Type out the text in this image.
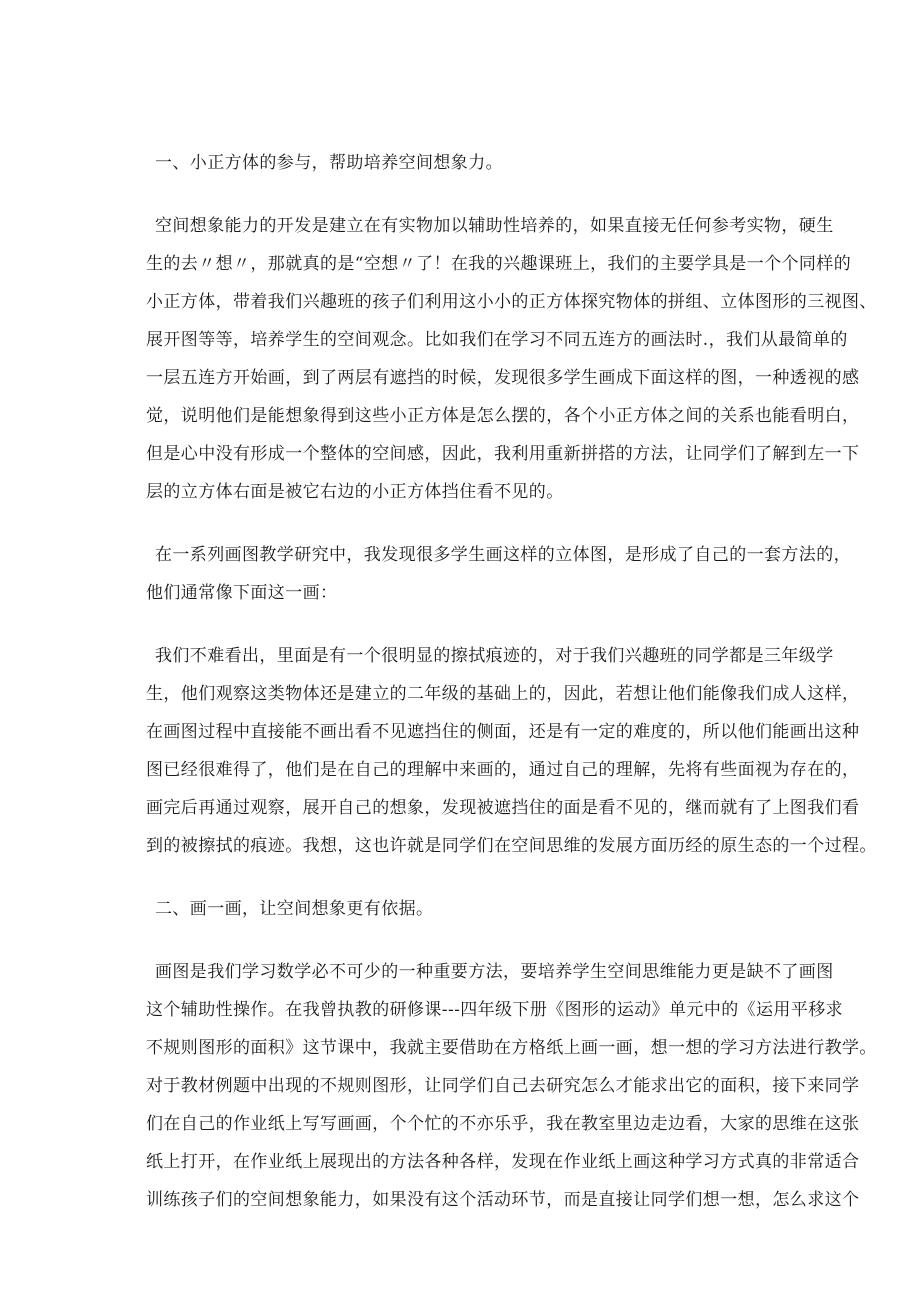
一、小正方体的参与，帮助培养空间想象力。
空间想象能力的开发是建立在有实物加以辅助性培养的，如果直接无任何参考实物，硬生
生的去〃想〃，那就真的是“空想〃了！在我的兴趣课班上，我们的主要学具是一个个同样的
小正方体，带着我们兴趣班的孩子们利用这小小的正方体探究物体的拼组、立体图形的三视图、
展开图等等，培养学生的空间观念。比如我们在学习不同五连方的画法时.，我们从最简单的
一层五连方开始画，到了两层有遮挡的时候，发现很多学生画成下面这样的图，一种透视的感
觉，说明他们是能想象得到这些小正方体是怎么摆的，各个小正方体之间的关系也能看明白，
但是心中没有形成一个整体的空间感，因此，我利用重新拼搭的方法，让同学们了解到左一下
层的立方体右面是被它右边的小正方体挡住看不见的。
在一系列画图教学研究中，我发现很多学生画这样的立体图，是形成了自己的一套方法的，
他们通常像下面这一画：
我们不难看出，里面是有一个很明显的擦拭痕迹的，对于我们兴趣班的同学都是三年级学
生，他们观察这类物体还是建立的二年级的基础上的，因此，若想让他们能像我们成人这样，
在画图过程中直接能不画出看不见遮挡住的侧面，还是有一定的难度的，所以他们能画出这种
图已经很难得了，他们是在自己的理解中来画的，通过自己的理解，先将有些面视为存在的，
画完后再通过观察，展开自己的想象，发现被遮挡住的面是看不见的，继而就有了上图我们看
到的被擦拭的痕迹。我想，这也许就是同学们在空间思维的发展方面历经的原生态的一个过程。
二、画一画，让空间想象更有依据。
画图是我们学习数学必不可少的一种重要方法，要培养学生空间思维能力更是缺不了画图
这个辅助性操作。在我曾执教的研修课---四年级下册《图形的运动》单元中的《运用平移求
不规则图形的面积》这节课中，我就主要借助在方格纸上画一画，想一想的学习方法进行教学。
对于教材例题中出现的不规则图形，让同学们自己去研究怎么才能求出它的面积，接下来同学
们在自己的作业纸上写写画画，个个忙的不亦乐乎，我在教室里边走边看，大家的思维在这张
纸上打开，在作业纸上展现出的方法各种各样，发现在作业纸上画这种学习方式真的非常适合
训练孩子们的空间想象能力，如果没有这个活动环节，而是直接让同学们想一想，怎么求这个
